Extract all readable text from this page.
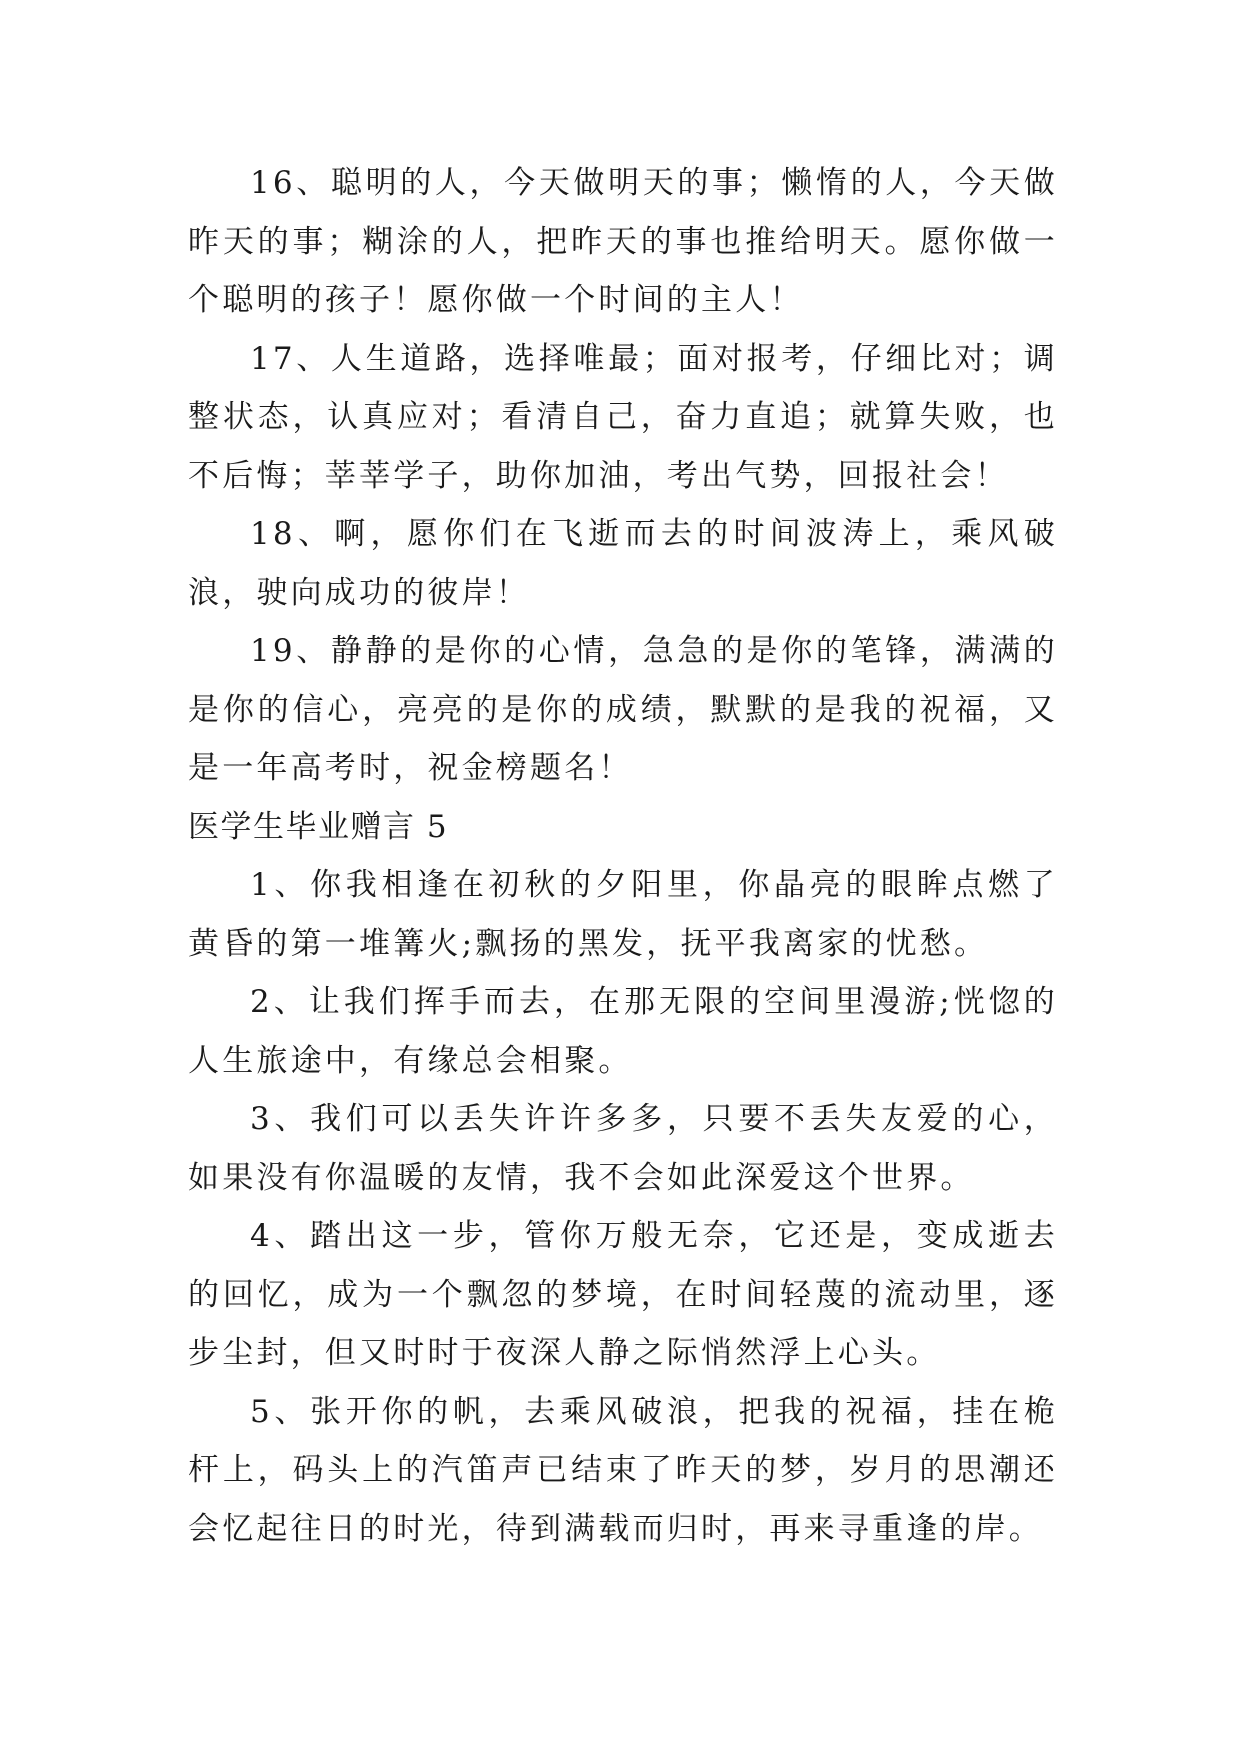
16、聪明的人，今天做明天的事；懒惰的人，今天做昨天的事；糊涂的人，把昨天的事也推给明天。愿你做一个聪明的孩子！愿你做一个时间的主人！

17、人生道路，选择唯最；面对报考，仔细比对；调整状态，认真应对；看清自己，奋力直追；就算失败，也不后悔；莘莘学子，助你加油，考出气势，回报社会！

18、啊，愿你们在飞逝而去的时间波涛上，乘风破浪，驶向成功的彼岸！

19、静静的是你的心情，急急的是你的笔锋，满满的是你的信心，亮亮的是你的成绩，默默的是我的祝福，又是一年高考时，祝金榜题名！

医学生毕业赠言 5

1、你我相逢在初秋的夕阳里，你晶亮的眼眸点燃了黄昏的第一堆篝火;飘扬的黑发，抚平我离家的忧愁。

2、让我们挥手而去，在那无限的空间里漫游;恍惚的人生旅途中，有缘总会相聚。

3、我们可以丢失许许多多，只要不丢失友爱的心，如果没有你温暖的友情，我不会如此深爱这个世界。

4、踏出这一步，管你万般无奈，它还是，变成逝去的回忆，成为一个飘忽的梦境，在时间轻蔑的流动里，逐步尘封，但又时时于夜深人静之际悄然浮上心头。

5、张开你的帆，去乘风破浪，把我的祝福，挂在桅杆上，码头上的汽笛声已结束了昨天的梦，岁月的思潮还会忆起往日的时光，待到满载而归时，再来寻重逢的岸。
